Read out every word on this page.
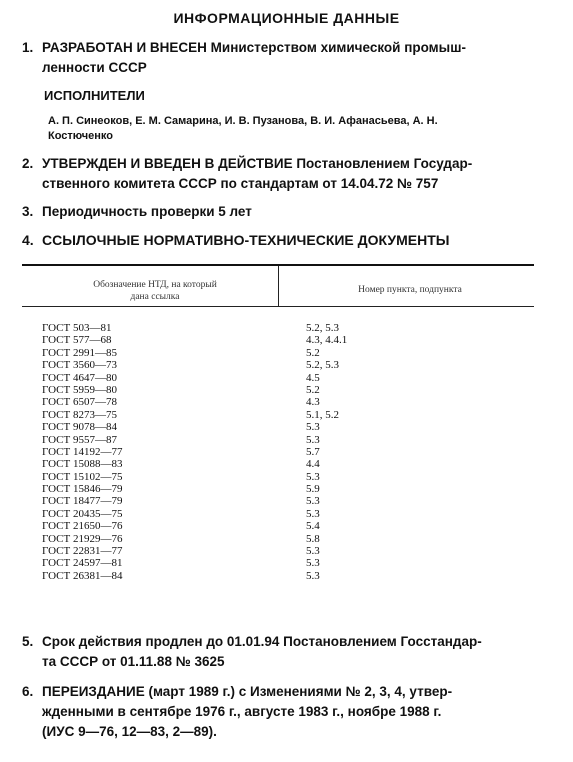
ИНФОРМАЦИОННЫЕ ДАННЫЕ
1. РАЗРАБОТАН И ВНЕСЕН Министерством химической промыш-
ленности СССР
ИСПОЛНИТЕЛИ
А. П. Синеоков, Е. М. Самарина, И. В. Пузанова, В. И. Афанасьева, А. Н.
Костюченко
2. УТВЕРЖДЕН И ВВЕДЕН В ДЕЙСТВИЕ Постановлением Государ-
ственного комитета СССР по стандартам от 14.04.72 № 757
3. Периодичность проверки 5 лет
4. ССЫЛОЧНЫЕ НОРМАТИВНО-ТЕХНИЧЕСКИЕ ДОКУМЕНТЫ
Обозначение НТД, на который
дана ссылка
Номер пункта, подпункта
ГОСТ 503—81	5.2, 5.3
ГОСТ 577—68	4.3, 4.4.1
ГОСТ 2991—85	5.2
ГОСТ 3560—73	5.2, 5.3
ГОСТ 4647—80	4.5
ГОСТ 5959—80	5.2
ГОСТ 6507—78	4.3
ГОСТ 8273—75	5.1, 5.2
ГОСТ 9078—84	5.3
ГОСТ 9557—87	5.3
ГОСТ 14192—77	5.7
ГОСТ 15088—83	4.4
ГОСТ 15102—75	5.3
ГОСТ 15846—79	5.9
ГОСТ 18477—79	5.3
ГОСТ 20435—75	5.3
ГОСТ 21650—76	5.4
ГОСТ 21929—76	5.8
ГОСТ 22831—77	5.3
ГОСТ 24597—81	5.3
ГОСТ 26381—84	5.3
5. Срок действия продлен до 01.01.94 Постановлением Госстандар-
та СССР от 01.11.88 № 3625
6. ПЕРЕИЗДАНИЕ (март 1989 г.) с Изменениями № 2, 3, 4, утвер-
жденными в сентябре 1976 г., августе 1983 г., ноябре 1988 г.
(ИУС 9—76, 12—83, 2—89).
